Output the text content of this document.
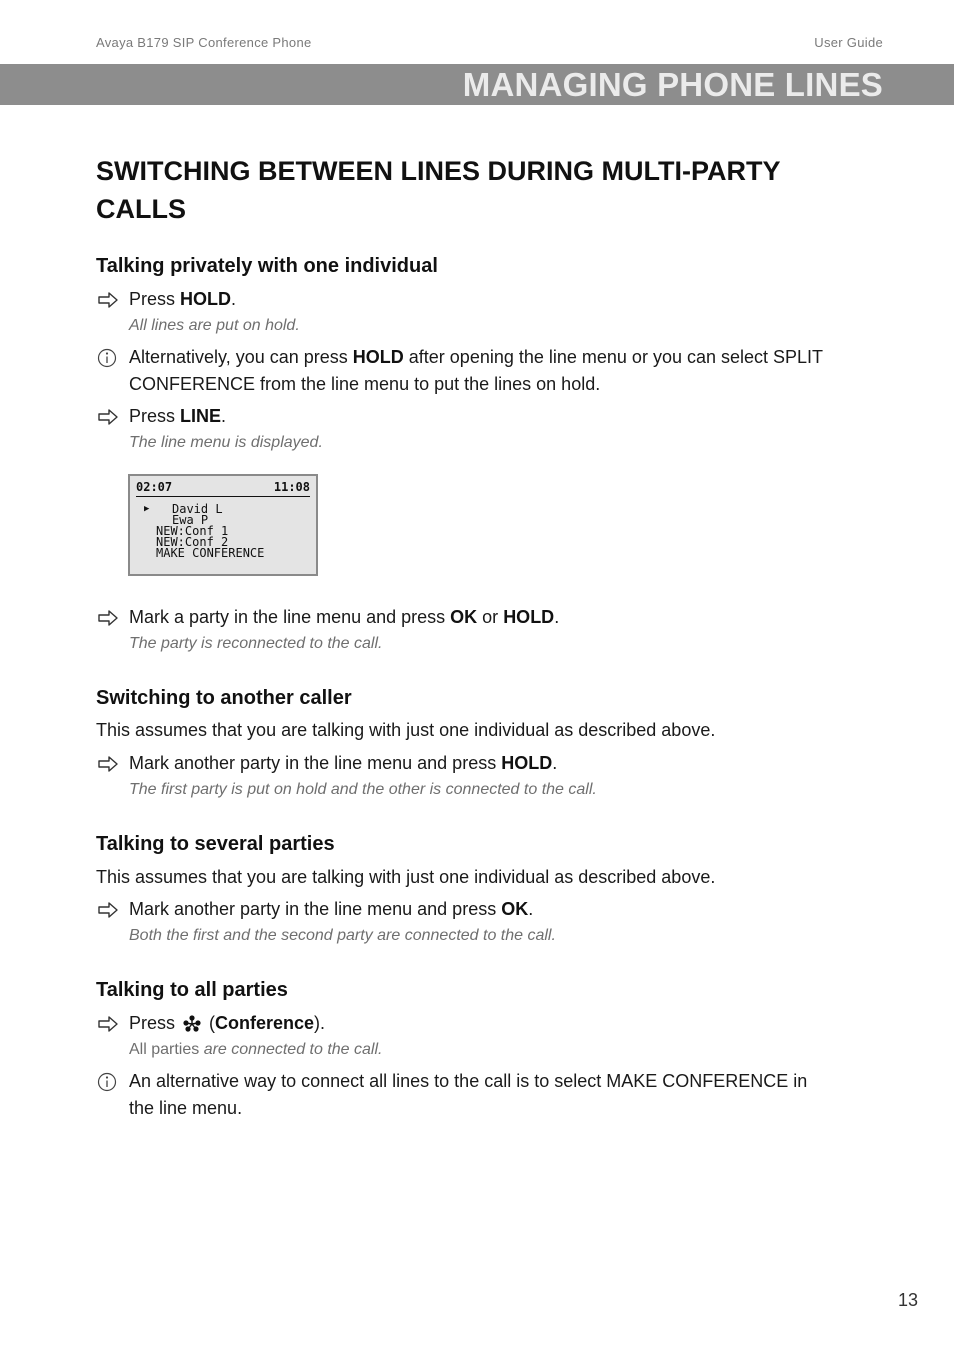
Avaya B179 SIP Conference Phone	User Guide
MANAGING PHONE LINES
SWITCHING BETWEEN LINES DURING MULTI-PARTY CALLS
Talking privately with one individual
Press HOLD.
All lines are put on hold.
Alternatively, you can press HOLD after opening the line menu or you can select SPLIT CONFERENCE from the line menu to put the lines on hold.
Press LINE.
The line menu is displayed.
02:07	11:08
▶ David L
Ewa P
NEW:Conf 1
NEW:Conf 2
MAKE CONFERENCE
Mark a party in the line menu and press OK or HOLD.
The party is reconnected to the call.
Switching to another caller
This assumes that you are talking with just one individual as described above.
Mark another party in the line menu and press HOLD.
The first party is put on hold and the other is connected to the call.
Talking to several parties
This assumes that you are talking with just one individual as described above.
Mark another party in the line menu and press OK.
Both the first and the second party are connected to the call.
Talking to all parties
Press  (Conference).
All parties are connected to the call.
An alternative way to connect all lines to the call is to select MAKE CONFERENCE in the line menu.
13
